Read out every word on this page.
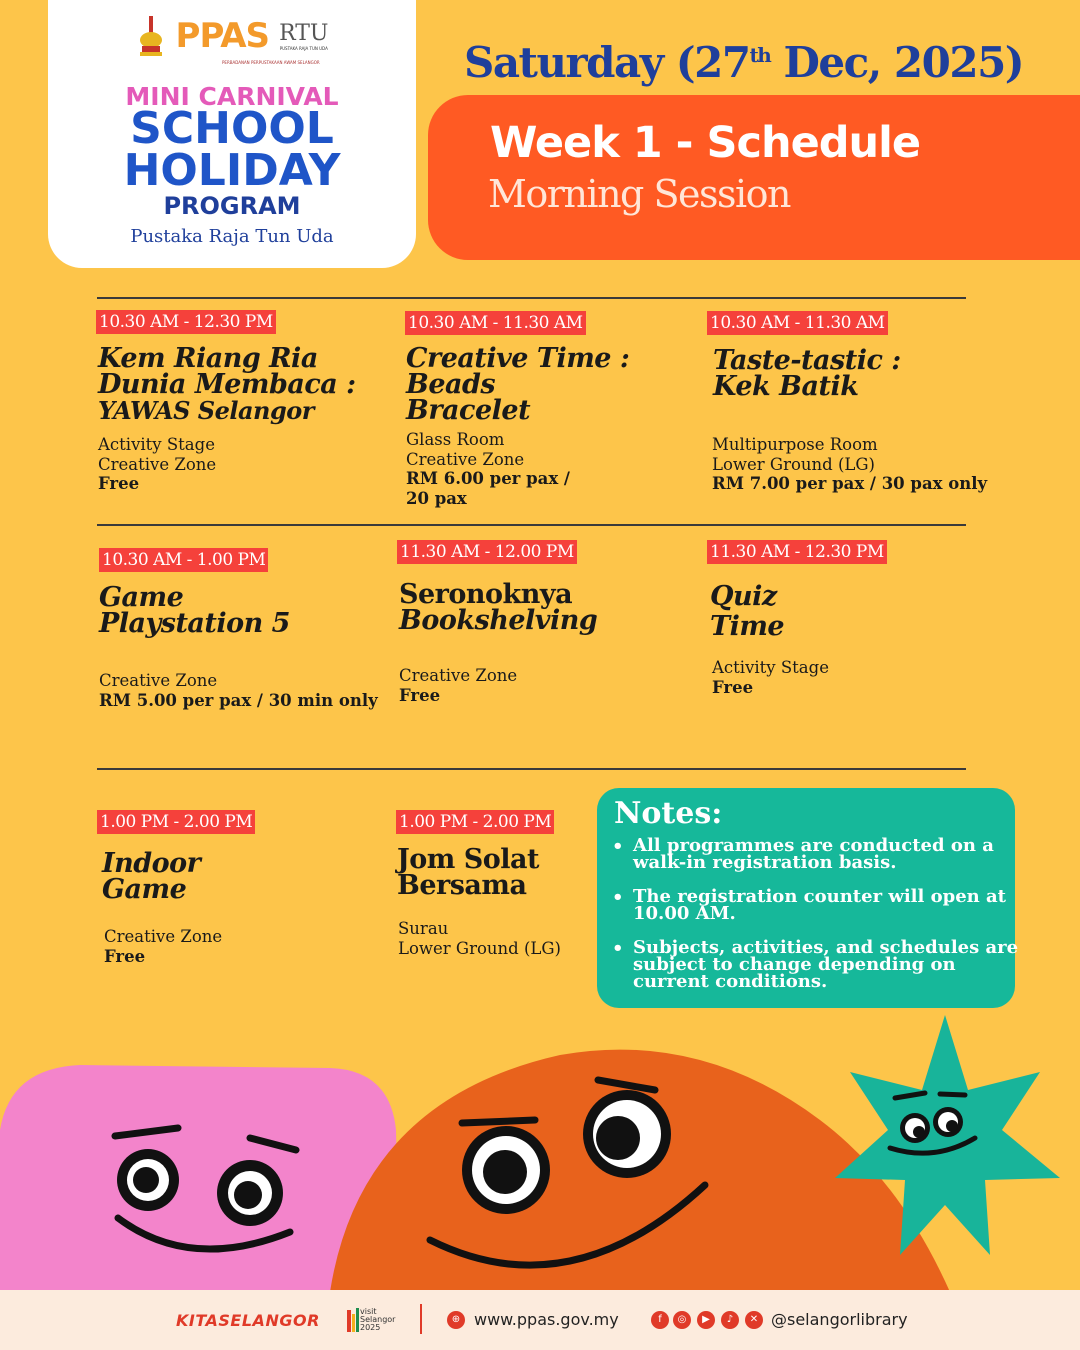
PPAS RTU
PUSTAKA RAJA TUN UDA
PERBADANAN PERPUSTAKAAN AWAM SELANGOR
MINI CARNIVAL
SCHOOL
HOLIDAY
PROGRAM
Pustaka Raja Tun Uda
Saturday (27th Dec, 2025)
Week 1 - Schedule
Morning Session
10.30 AM - 12.30 PM
Kem Riang Ria
Dunia Membaca :
YAWAS Selangor
Activity Stage
Creative Zone
Free
10.30 AM - 11.30 AM
Creative Time :
Beads
Bracelet
Glass Room
Creative Zone
RM 6.00 per pax /
20 pax
10.30 AM - 11.30 AM
Taste-tastic :
Kek Batik
Multipurpose Room
Lower Ground (LG)
RM 7.00 per pax / 30 pax only
10.30 AM - 1.00 PM
Game
Playstation 5
Creative Zone
RM 5.00 per pax / 30 min only
11.30 AM - 12.00 PM
Seronoknya
Bookshelving
Creative Zone
Free
11.30 AM - 12.30 PM
Quiz
Time
Activity Stage
Free
1.00 PM - 2.00 PM
Indoor
Game
Creative Zone
Free
1.00 PM - 2.00 PM
Jom Solat
Bersama
Surau
Lower Ground (LG)
Notes:
• All programmes are conducted on a
walk-in registration basis.
• The registration counter will open at
10.00 AM.
• Subjects, activities, and schedules are
subject to change depending on
current conditions.
KITASELANGOR	visit
Selangor
2025
⊕ www.ppas.gov.my	f	◎	▶	♪	✕ @selangorlibrary
